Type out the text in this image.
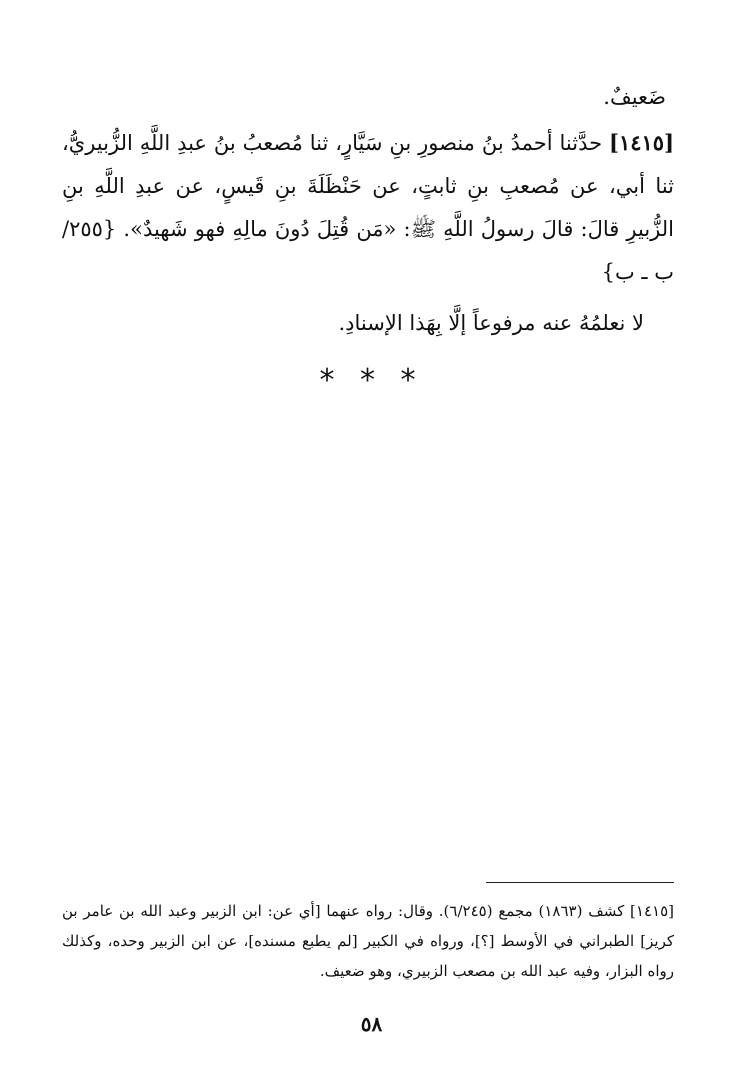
ضَعيفٌ.

[١٤١٥] حدَّثنا أحمدُ بنُ منصورِ بنِ سَيَّارٍ، ثنا مُصعبُ بنُ عبدِ اللَّهِ الزُّبيريُّ، ثنا أبي، عن مُصعبِ بنِ ثابتٍ، عن حَنْظَلَةَ بنِ قَيسٍ، عن عبدِ اللَّهِ بنِ الزُّبيرِ قالَ: قالَ رسولُ اللَّهِ ﷺ: «مَن قُتِلَ دُونَ مالِهِ فهو شَهيدٌ». {٢٥٥/ب ـ ب}

لا نعلمُهُ عنه مرفوعاً إلَّا بِهَذا الإسنادِ.

* * *

[١٤١٥] كشف (١٨٦٣) مجمع (٦/٢٤٥). وقال: رواه عنهما [أي عن: ابن الزبير وعبد الله بن عامر بن كريز] الطبراني في الأوسط [؟]، ورواه في الكبير [لم يطبع مسنده]، عن ابن الزبير وحده، وكذلك رواه البزار، وفيه عبد الله بن مصعب الزبيري، وهو ضعيف.

٥٨
